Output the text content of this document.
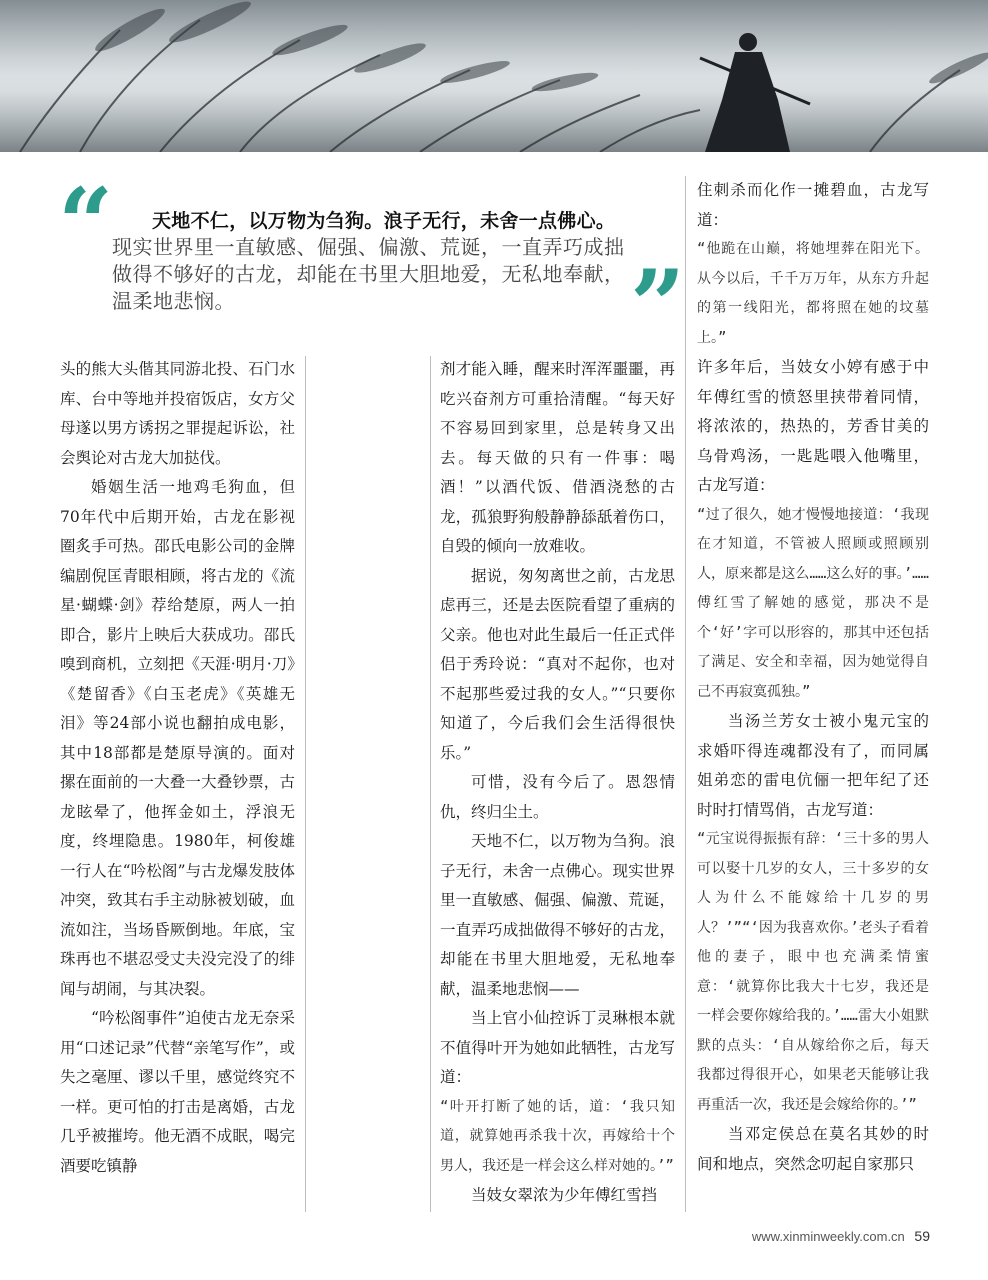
“ 天地不仁，以万物为刍狗。浪子无行，未舍一点佛心。
现实世界里一直敏感、倔强、偏激、荒诞，一直弄巧成拙做得不够好的古龙，却能在书里大胆地爱，无私地奉献，温柔地悲悯。	”

头的熊大头偕其同游北投、石门水库、台中等地并投宿饭店，女方父母遂以男方诱拐之罪提起诉讼，社会舆论对古龙大加挞伐。

婚姻生活一地鸡毛狗血，但70年代中后期开始，古龙在影视圈炙手可热。邵氏电影公司的金牌编剧倪匡青眼相顾，将古龙的《流星·蝴蝶·剑》荐给楚原，两人一拍即合，影片上映后大获成功。邵氏嗅到商机，立刻把《天涯·明月·刀》《楚留香》《白玉老虎》《英雄无泪》等24部小说也翻拍成电影，其中18部都是楚原导演的。面对摞在面前的一大叠一大叠钞票，古龙眩晕了，他挥金如土，浮浪无度，终埋隐患。1980年，柯俊雄一行人在“吟松阁”与古龙爆发肢体冲突，致其右手主动脉被划破，血流如注，当场昏厥倒地。年底，宝珠再也不堪忍受丈夫没完没了的绯闻与胡闹，与其决裂。

“吟松阁事件”迫使古龙无奈采用“口述记录”代替“亲笔写作”，或失之毫厘、谬以千里，感觉终究不一样。更可怕的打击是离婚，古龙几乎被摧垮。他无酒不成眠，喝完酒要吃镇静

剂才能入睡，醒来时浑浑噩噩，再吃兴奋剂方可重拾清醒。“每天好不容易回到家里，总是转身又出去。每天做的只有一件事：喝酒！”以酒代饭、借酒浇愁的古龙，孤狼野狗般静静舔舐着伤口，自毁的倾向一放难收。

据说，匆匆离世之前，古龙思虑再三，还是去医院看望了重病的父亲。他也对此生最后一任正式伴侣于秀玲说：“真对不起你，也对不起那些爱过我的女人。”“只要你知道了，今后我们会生活得很快乐。”

可惜，没有今后了。恩怨情仇，终归尘土。

天地不仁，以万物为刍狗。浪子无行，未舍一点佛心。现实世界里一直敏感、倔强、偏激、荒诞，一直弄巧成拙做得不够好的古龙，却能在书里大胆地爱，无私地奉献，温柔地悲悯——

当上官小仙控诉丁灵琳根本就不值得叶开为她如此牺牲，古龙写道：

“叶开打断了她的话，道：‘我只知道，就算她再杀我十次，再嫁给十个男人，我还是一样会这么样对她的。’”

当妓女翠浓为少年傅红雪挡

住刺杀而化作一摊碧血，古龙写道：

“他跪在山巅，将她埋葬在阳光下。从今以后，千千万万年，从东方升起的第一线阳光，都将照在她的坟墓上。”

许多年后，当妓女小婷有感于中年傅红雪的愤怒里挟带着同情，将浓浓的，热热的，芳香甘美的乌骨鸡汤，一匙匙喂入他嘴里，古龙写道：

“过了很久，她才慢慢地接道：‘我现在才知道，不管被人照顾或照顾别人，原来都是这么……这么好的事。’……傅红雪了解她的感觉，那决不是个‘好’字可以形容的，那其中还包括了满足、安全和幸福，因为她觉得自己不再寂寞孤独。”

当汤兰芳女士被小鬼元宝的求婚吓得连魂都没有了，而同属姐弟恋的雷电伉俪一把年纪了还时时打情骂俏，古龙写道：

“元宝说得振振有辞：‘三十多的男人可以娶十几岁的女人，三十多岁的女人为什么不能嫁给十几岁的男人？’”“‘因为我喜欢你。’老头子看着他的妻子，眼中也充满柔情蜜意：‘就算你比我大十七岁，我还是一样会要你嫁给我的。’……雷大小姐默默的点头：‘自从嫁给你之后，每天我都过得很开心，如果老天能够让我再重活一次，我还是会嫁给你的。’”

当邓定侯总在莫名其妙的时间和地点，突然念叨起自家那只

www.xinminweekly.com.cn 59
